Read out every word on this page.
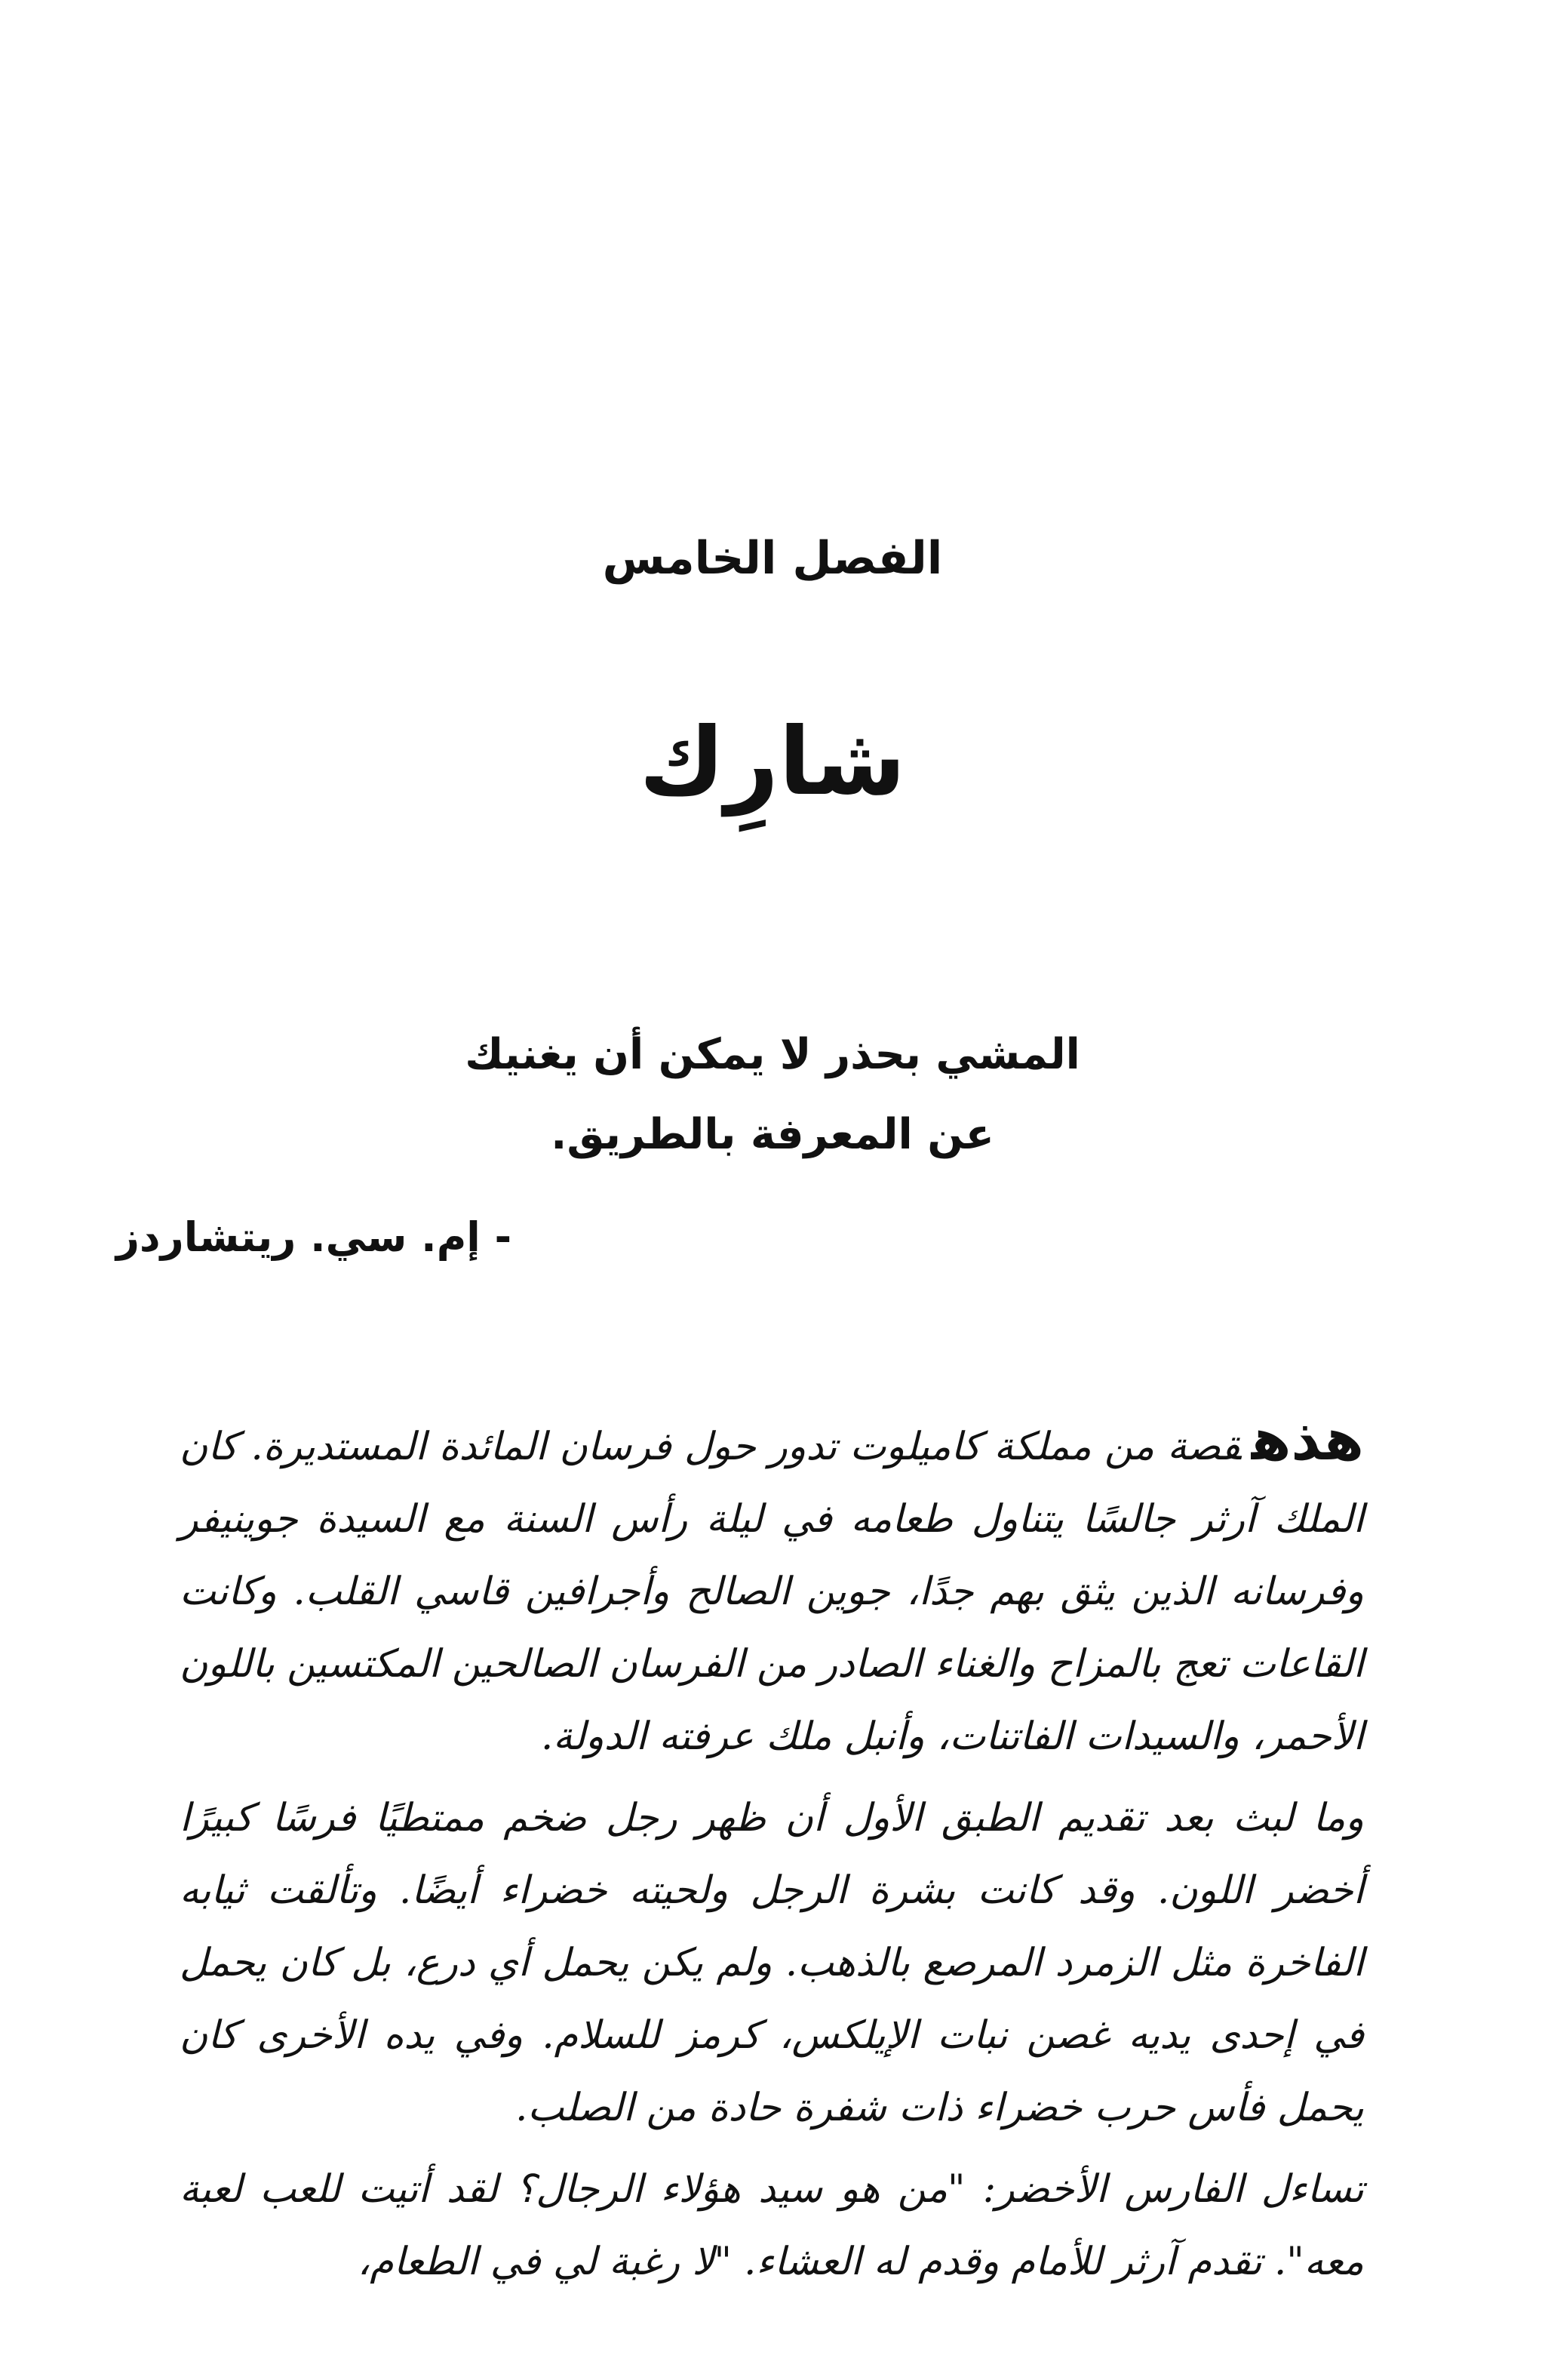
الفصل الخامس
شارِك
المشي بحذر لا يمكن أن يغنيك
عن المعرفة بالطريق.
- إم. سي. ريتشاردز

هذهقصة من مملكة كاميلوت تدور حول فرسان المائدة المستديرة. كان الملك آرثر جالسًا يتناول طعامه في ليلة رأس السنة مع السيدة جوينيفر وفرسانه الذين يثق بهم جدًا، جوين الصالح وأجرافين قاسي القلب. وكانت القاعات تعج بالمزاح والغناء الصادر من الفرسان الصالحين المكتسين باللون الأحمر، والسيدات الفاتنات، وأنبل ملك عرفته الدولة.

وما لبث بعد تقديم الطبق الأول أن ظهر رجل ضخم ممتطيًا فرسًا كبيرًا أخضر اللون. وقد كانت بشرة الرجل ولحيته خضراء أيضًا. وتألقت ثيابه الفاخرة مثل الزمرد المرصع بالذهب. ولم يكن يحمل أي درع، بل كان يحمل في إحدى يديه غصن نبات الإيلكس، كرمز للسلام. وفي يده الأخرى كان يحمل فأس حرب خضراء ذات شفرة حادة من الصلب.

تساءل الفارس الأخضر: "من هو سيد هؤلاء الرجال؟ لقد أتيت للعب لعبة معه". تقدم آرثر للأمام وقدم له العشاء. "لا رغبة لي في الطعام،
